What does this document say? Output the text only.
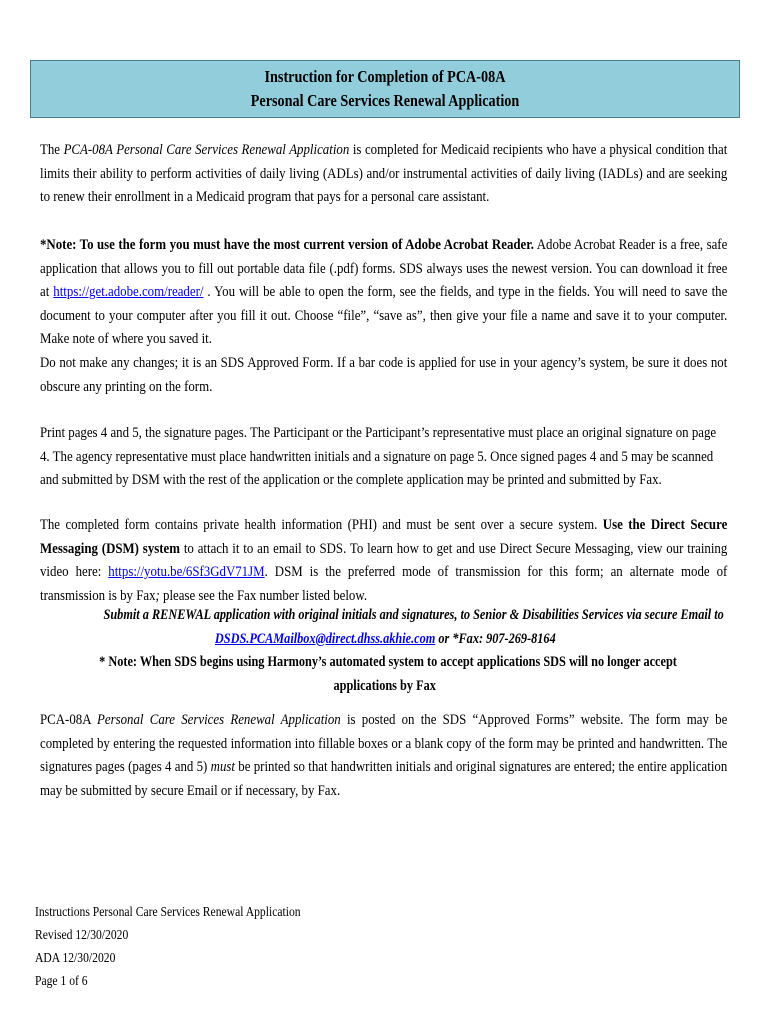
Instruction for Completion of PCA-08A
Personal Care Services Renewal Application
The PCA-08A Personal Care Services Renewal Application is completed for Medicaid recipients who have a physical condition that limits their ability to perform activities of daily living (ADLs) and/or instrumental activities of daily living (IADLs) and are seeking to renew their enrollment in a Medicaid program that pays for a personal care assistant.
*Note: To use the form you must have the most current version of Adobe Acrobat Reader. Adobe Acrobat Reader is a free, safe application that allows you to fill out portable data file (.pdf) forms. SDS always uses the newest version. You can download it free at https://get.adobe.com/reader/ . You will be able to open the form, see the fields, and type in the fields. You will need to save the document to your computer after you fill it out. Choose “file”, “save as”, then give your file a name and save it to your computer. Make note of where you saved it.
Do not make any changes; it is an SDS Approved Form. If a bar code is applied for use in your agency’s system, be sure it does not obscure any printing on the form.
Print pages 4 and 5, the signature pages. The Participant or the Participant’s representative must place an original signature on page 4. The agency representative must place handwritten initials and a signature on page 5. Once signed pages 4 and 5 may be scanned and submitted by DSM with the rest of the application or the complete application may be printed and submitted by Fax.
The completed form contains private health information (PHI) and must be sent over a secure system. Use the Direct Secure Messaging (DSM) system to attach it to an email to SDS. To learn how to get and use Direct Secure Messaging, view our training video here: https://yotu.be/6Sf3GdV71JM. DSM is the preferred mode of transmission for this form; an alternate mode of transmission is by Fax; please see the Fax number listed below.
Submit a RENEWAL application with original initials and signatures, to Senior & Disabilities Services via secure Email to
DSDS.PCAMailbox@direct.dhss.akhie.com or *Fax: 907-269-8164
* Note: When SDS begins using Harmony’s automated system to accept applications SDS will no longer accept
applications by Fax
PCA-08A Personal Care Services Renewal Application is posted on the SDS “Approved Forms” website. The form may be completed by entering the requested information into fillable boxes or a blank copy of the form may be printed and handwritten. The signatures pages (pages 4 and 5) must be printed so that handwritten initials and original signatures are entered; the entire application may be submitted by secure Email or if necessary, by Fax.
Instructions Personal Care Services Renewal Application
Revised 12/30/2020
ADA 12/30/2020
Page 1 of 6
